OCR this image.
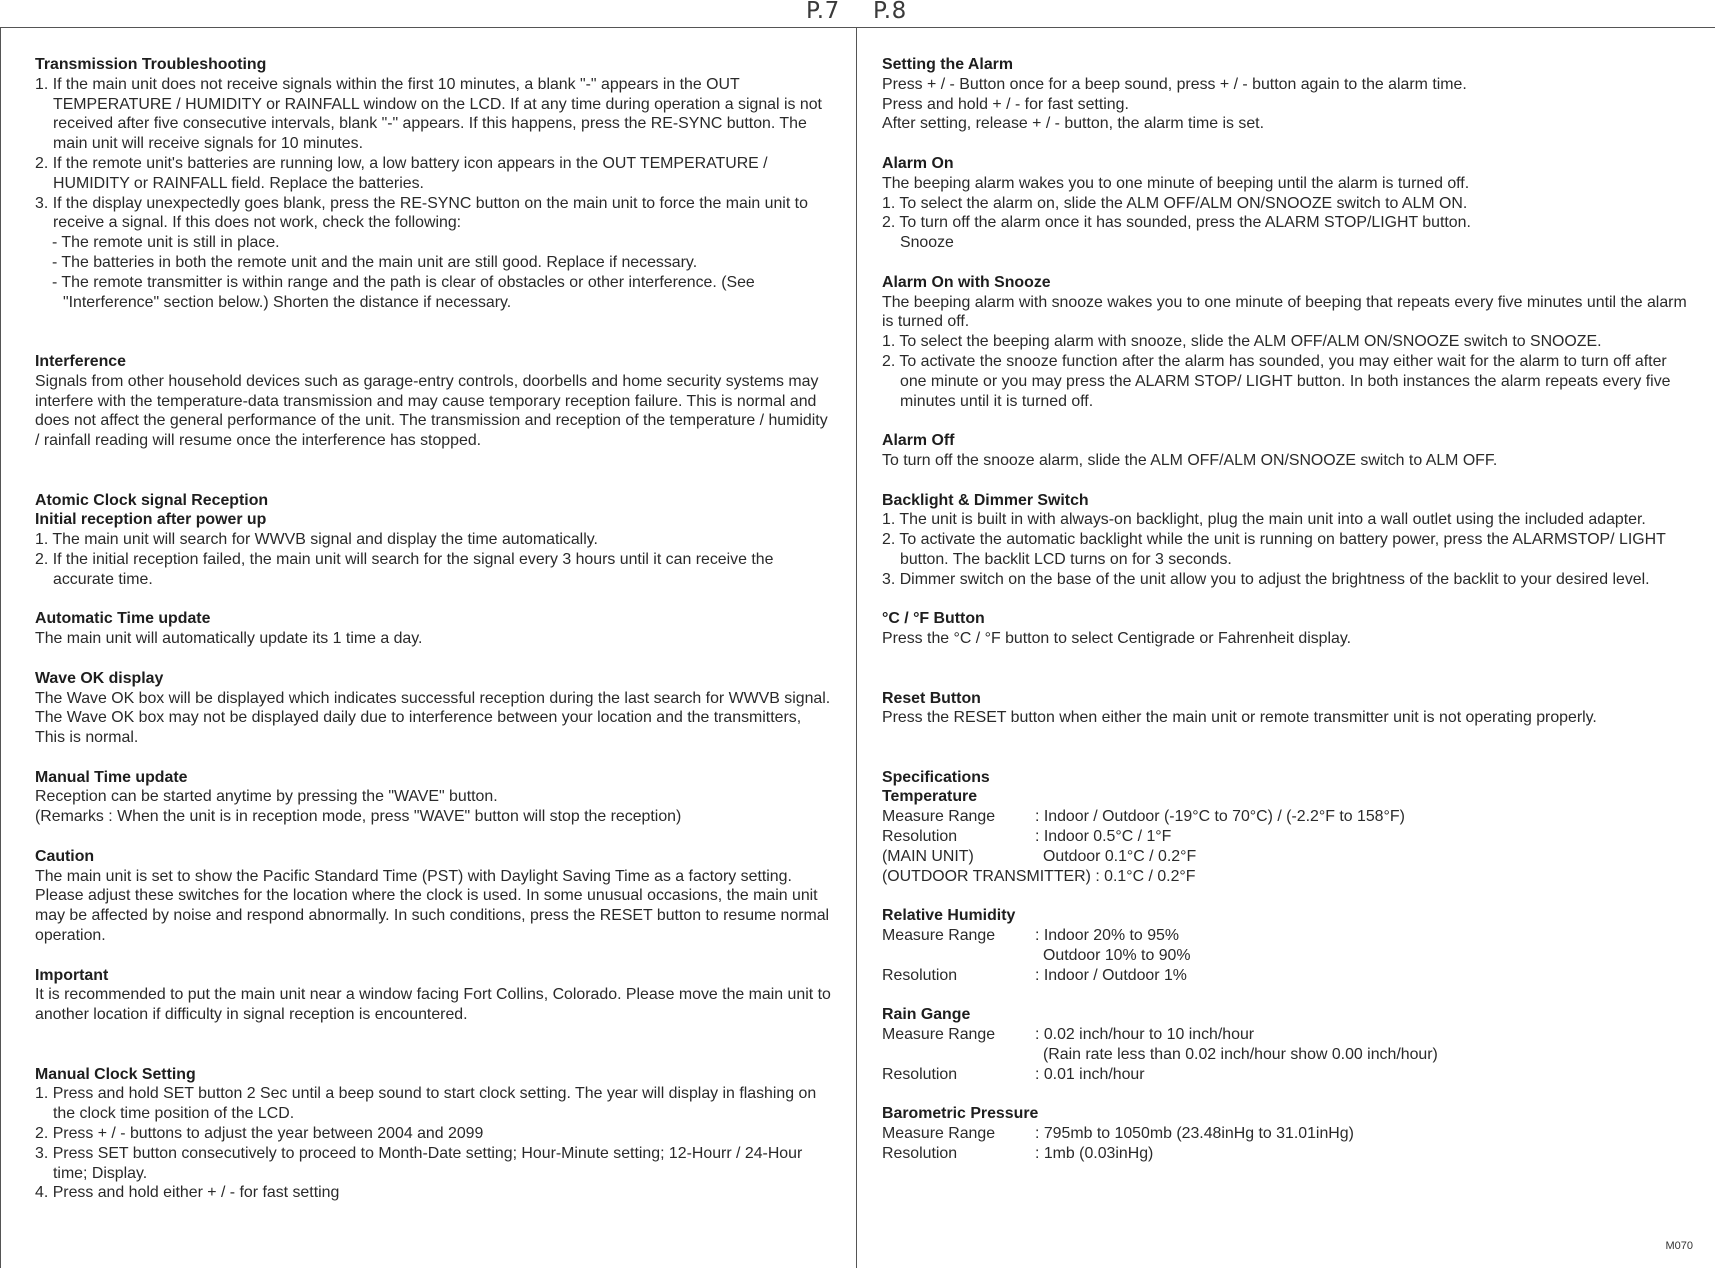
P.7 P.8
Transmission Troubleshooting
1. If the main unit does not receive signals within the first 10 minutes, a blank "-" appears in the OUT TEMPERATURE / HUMIDITY or RAINFALL window on the LCD. If at any time during operation a signal is not received after five consecutive intervals, blank "-" appears. If this happens, press the RE-SYNC button. The main unit will receive signals for 10 minutes.
2. If the remote unit's batteries are running low, a low battery icon appears in the OUT TEMPERATURE / HUMIDITY or RAINFALL field. Replace the batteries.
3. If the display unexpectedly goes blank, press the RE-SYNC button on the main unit to force the main unit to receive a signal. If this does not work, check the following:
- The remote unit is still in place.
- The batteries in both the remote unit and the main unit are still good. Replace if necessary.
- The remote transmitter is within range and the path is clear of obstacles or other interference. (See "Interference" section below.) Shorten the distance if necessary.
Interference
Signals from other household devices such as garage-entry controls, doorbells and home security systems may interfere with the temperature-data transmission and may cause temporary reception failure. This is normal and does not affect the general performance of the unit. The transmission and reception of the temperature / humidity / rainfall reading will resume once the interference has stopped.
Atomic Clock signal Reception
Initial reception after power up
1. The main unit will search for WWVB signal and display the time automatically.
2. If the initial reception failed, the main unit will search for the signal every 3 hours until it can receive the accurate time.
Automatic Time update
The main unit will automatically update its 1 time a day.
Wave OK display
The Wave OK box will be displayed which indicates successful reception during the last search for WWVB signal. The Wave OK box may not be displayed daily due to interference between your location and the transmitters, This is normal.
Manual Time update
Reception can be started anytime by pressing the "WAVE" button.
(Remarks : When the unit is in reception mode, press "WAVE" button will stop the reception)
Caution
The main unit is set to show the Pacific Standard Time (PST) with Daylight Saving Time as a factory setting. Please adjust these switches for the location where the clock is used. In some unusual occasions, the main unit may be affected by noise and respond abnormally. In such conditions, press the RESET button to resume normal operation.
Important
It is recommended to put the main unit near a window facing Fort Collins, Colorado. Please move the main unit to another location if difficulty in signal reception is encountered.
Manual Clock Setting
1. Press and hold SET button 2 Sec until a beep sound to start clock setting. The year will display in flashing on the clock time position of the LCD.
2. Press + / - buttons to adjust the year between 2004 and 2099
3. Press SET button consecutively to proceed to Month-Date setting; Hour-Minute setting; 12-Hourr / 24-Hour time; Display.
4. Press and hold either + / - for fast setting
Setting the Alarm
Press + / - Button once for a beep sound, press + / - button again to the alarm time.
Press and hold + / - for fast setting.
After setting, release + / - button, the alarm time is set.
Alarm On
The beeping alarm wakes you to one minute of beeping until the alarm is turned off.
1. To select the alarm on, slide the ALM OFF/ALM ON/SNOOZE switch to ALM ON.
2. To turn off the alarm once it has sounded, press the ALARM STOP/LIGHT button.
Snooze
Alarm On with Snooze
The beeping alarm with snooze wakes you to one minute of beeping that repeats every five minutes until the alarm is turned off.
1. To select the beeping alarm with snooze, slide the ALM OFF/ALM ON/SNOOZE switch to SNOOZE.
2. To activate the snooze function after the alarm has sounded, you may either wait for the alarm to turn off after one minute or you may press the ALARM STOP/ LIGHT button. In both instances the alarm repeats every five minutes until it is turned off.
Alarm Off
To turn off the snooze alarm, slide the ALM OFF/ALM ON/SNOOZE switch to ALM OFF.
Backlight & Dimmer Switch
1. The unit is built in with always-on backlight, plug the main unit into a wall outlet using the included adapter.
2. To activate the automatic backlight while the unit is running on battery power, press the ALARMSTOP/ LIGHT button. The backlit LCD turns on for 3 seconds.
3. Dimmer switch on the base of the unit allow you to adjust the brightness of the backlit to your desired level.
°C / °F Button
Press the °C / °F button to select Centigrade or Fahrenheit display.
Reset Button
Press the RESET button when either the main unit or remote transmitter unit is not operating properly.
Specifications
Temperature
Measure Range	: Indoor / Outdoor (-19°C to 70°C) / (-2.2°F to 158°F)
Resolution	: Indoor 0.5°C / 1°F
(MAIN UNIT)	Outdoor 0.1°C / 0.2°F
(OUTDOOR TRANSMITTER) : 0.1°C / 0.2°F
Relative Humidity
Measure Range	: Indoor 20% to 95%
Outdoor 10% to 90%
Resolution	: Indoor / Outdoor 1%
Rain Gange
Measure Range	: 0.02 inch/hour to 10 inch/hour
(Rain rate less than 0.02 inch/hour show 0.00 inch/hour)
Resolution	: 0.01 inch/hour
Barometric Pressure
Measure Range	: 795mb to 1050mb (23.48inHg to 31.01inHg)
Resolution	: 1mb (0.03inHg)
M070
